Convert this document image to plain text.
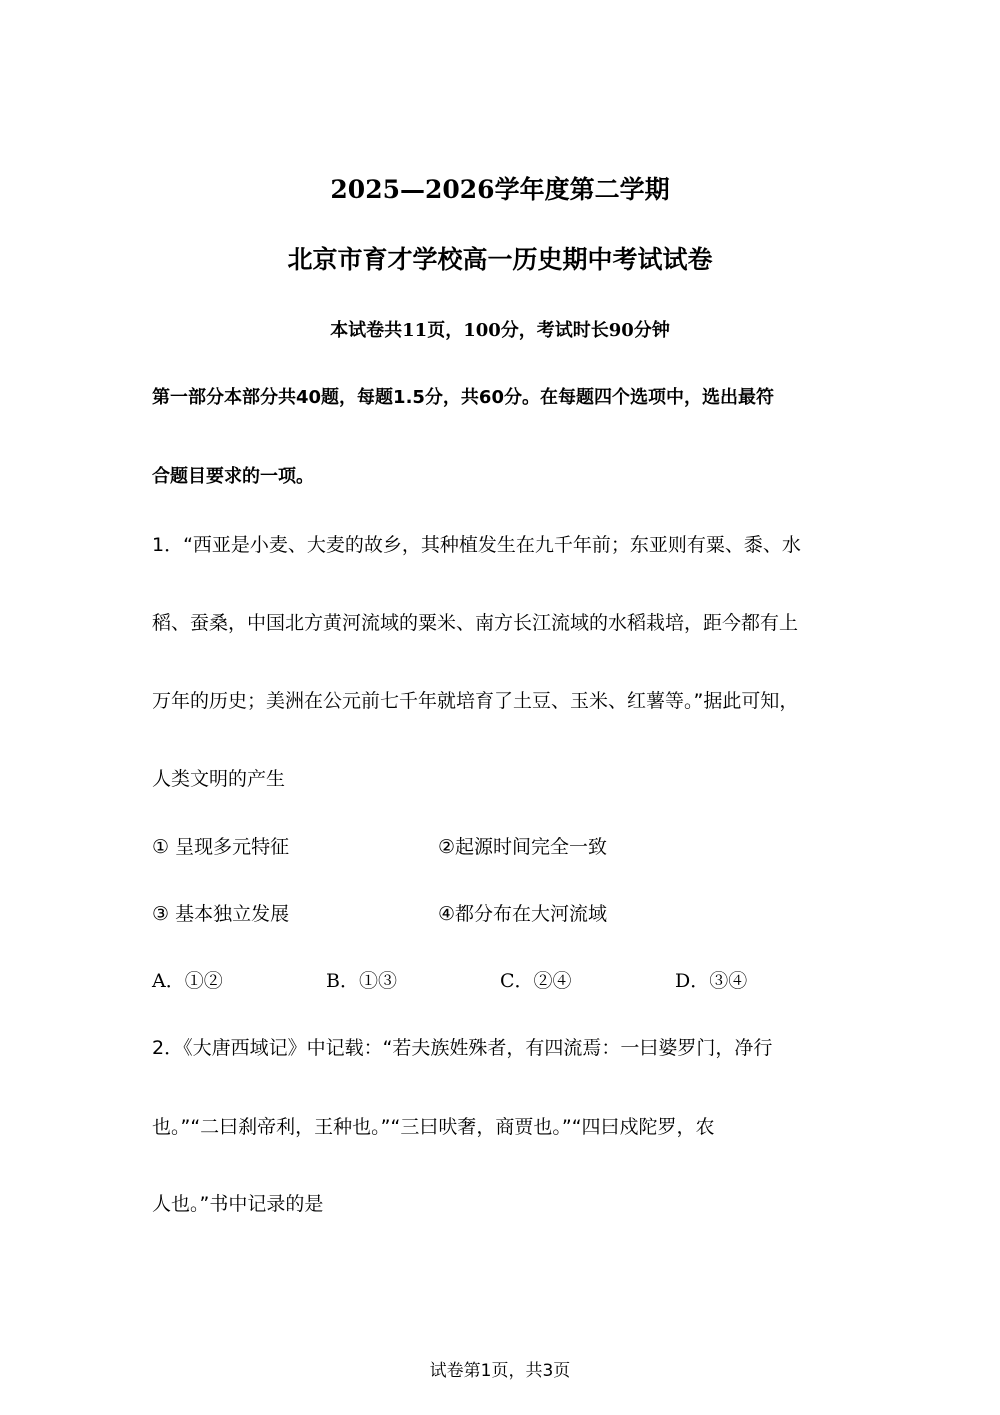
2025—2026学年度第二学期
北京市育才学校高一历史期中考试试卷
本试卷共11页，100分，考试时长90分钟
第一部分本部分共40题，每题1.5分，共60分。在每题四个选项中，选出最符
合题目要求的一项。
1．“西亚是小麦、大麦的故乡，其种植发生在九千年前；东亚则有粟、黍、水
稻、蚕桑，中国北方黄河流域的粟米、南方长江流域的水稻栽培，距今都有上
万年的历史；美洲在公元前七千年就培育了土豆、玉米、红薯等。”据此可知，
人类文明的产生
① 呈现多元特征	②起源时间完全一致
③ 基本独立发展	④都分布在大河流域
A．①②	B．①③	C．②④	D．③④
2．《大唐西域记》中记载：“若夫族姓殊者，有四流焉：一曰婆罗门，净行
也。”“二曰刹帝利，王种也。”“三曰吠奢，商贾也。”“四曰戍陀罗，农
人也。”书中记录的是
试卷第1页，共3页
